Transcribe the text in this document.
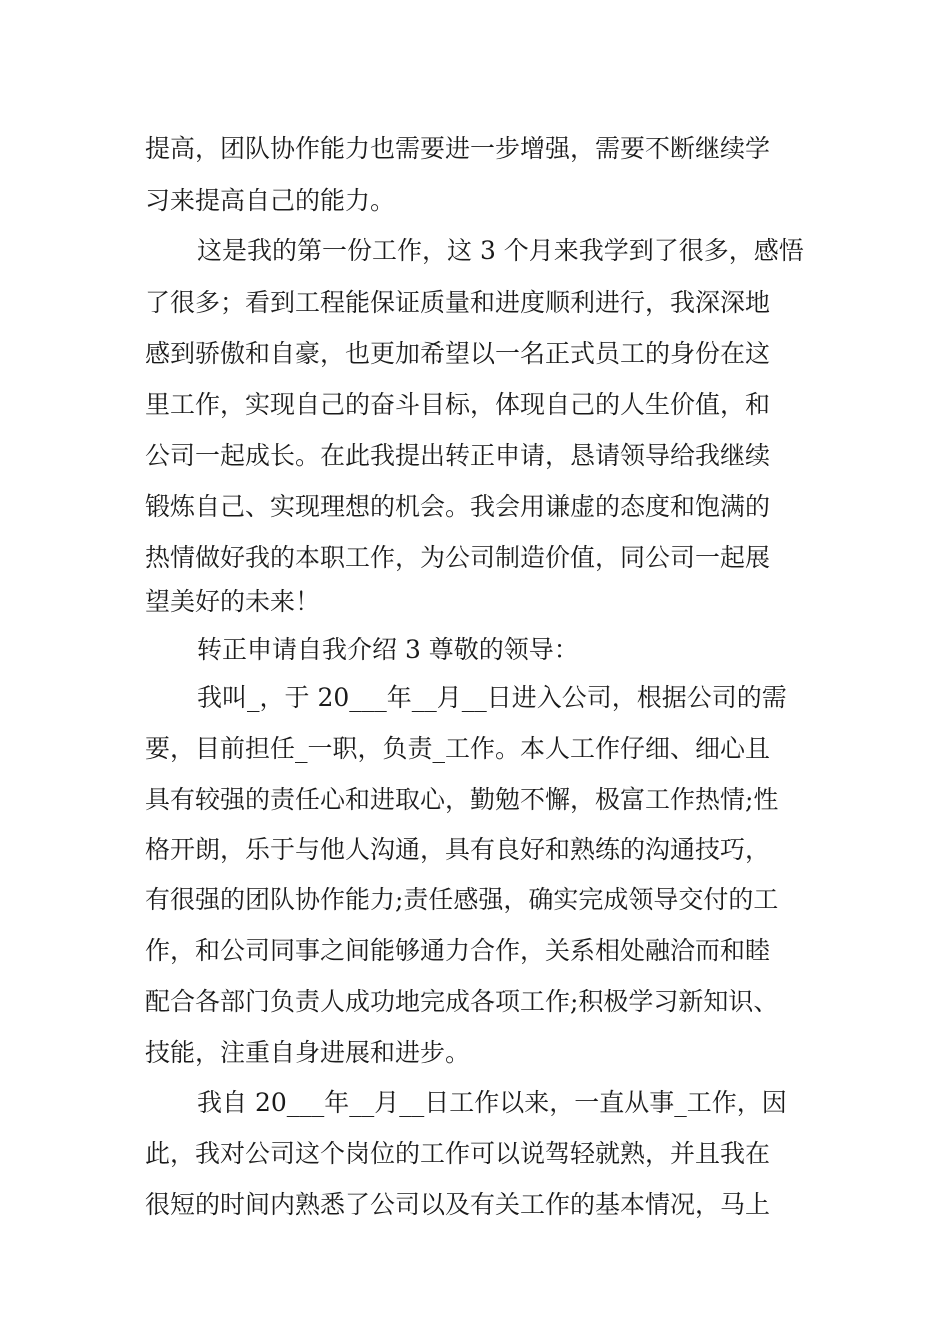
提高，团队协作能力也需要进一步增强，需要不断继续学
习来提高自己的能力。
这是我的第一份工作，这 3 个月来我学到了很多，感悟
了很多；看到工程能保证质量和进度顺利进行，我深深地
感到骄傲和自豪，也更加希望以一名正式员工的身份在这
里工作，实现自己的奋斗目标，体现自己的人生价值，和
公司一起成长。在此我提出转正申请，恳请领导给我继续
锻炼自己、实现理想的机会。我会用谦虚的态度和饱满的
热情做好我的本职工作，为公司制造价值，同公司一起展
望美好的未来！
转正申请自我介绍 3 尊敬的领导：
我叫_，于 20___年__月__日进入公司，根据公司的需
要，目前担任_一职，负责_工作。本人工作仔细、细心且
具有较强的责任心和进取心，勤勉不懈，极富工作热情;性
格开朗，乐于与他人沟通，具有良好和熟练的沟通技巧，
有很强的团队协作能力;责任感强，确实完成领导交付的工
作，和公司同事之间能够通力合作，关系相处融洽而和睦
配合各部门负责人成功地完成各项工作;积极学习新知识、
技能，注重自身进展和进步。
我自 20___年__月__日工作以来，一直从事_工作，因
此，我对公司这个岗位的工作可以说驾轻就熟，并且我在
很短的时间内熟悉了公司以及有关工作的基本情况，马上
